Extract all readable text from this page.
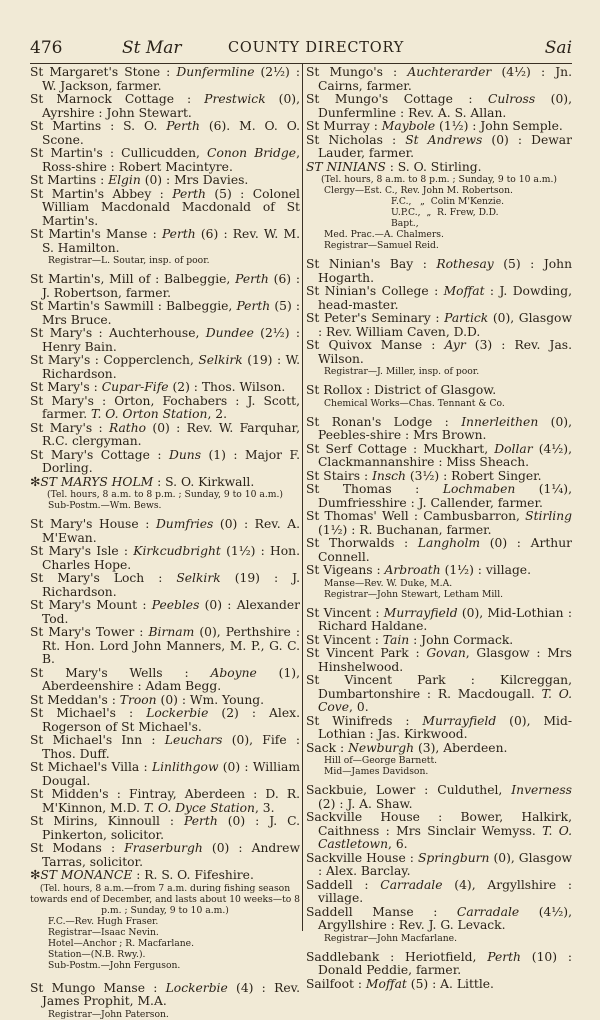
476	St Mar	COUNTY DIRECTORY	Sai

St Margaret's Stone : Dunfermline (2½) : W. Jackson, farmer.

St Marnock Cottage : Prestwick (0), Ayrshire : John Stewart.

St Martins : S. O. Perth (6). M. O. O. Scone.

St Martin's : Cullicudden, Conon Bridge, Ross-shire : Robert Macintyre.

St Martins : Elgin (0) : Mrs Davies.

St Martin's Abbey : Perth (5) : Colonel William Macdonald Macdonald of St Martin's.

St Martin's Manse : Perth (6) : Rev. W. M. S. Hamilton.

Registrar—L. Soutar, insp. of poor.

St Martin's, Mill of : Balbeggie, Perth (6) : J. Robertson, farmer.

St Martin's Sawmill : Balbeggie, Perth (5) : Mrs Bruce.

St Mary's : Auchterhouse, Dundee (2½) : Henry Bain.

St Mary's : Copperclench, Selkirk (19) : W. Richardson.

St Mary's : Cupar-Fife (2) : Thos. Wilson.

St Mary's : Orton, Fochabers : J. Scott, farmer. T. O. Orton Station, 2.

St Mary's : Ratho (0) : Rev. W. Farquhar, R.C. clergyman.

St Mary's Cottage : Duns (1) : Major F. Dorling.

✻ST MARYS HOLM : S. O. Kirkwall.

(Tel. hours, 8 a.m. to 8 p.m. ; Sunday, 9 to 10 a.m.)

Sub-Postm.—Wm. Bews.

St Mary's House : Dumfries (0) : Rev. A. M'Ewan.

St Mary's Isle : Kirkcudbright (1½) : Hon. Charles Hope.

St Mary's Loch : Selkirk (19) : J. Richardson.

St Mary's Mount : Peebles (0) : Alexander Tod.

St Mary's Tower : Birnam (0), Perthshire : Rt. Hon. Lord John Manners, M. P., G. C. B.

St Mary's Wells : Aboyne (1), Aberdeenshire : Adam Begg.

St Meddan's : Troon (0) : Wm. Young.

St Michael's : Lockerbie (2) : Alex. Rogerson of St Michael's.

St Michael's Inn : Leuchars (0), Fife : Thos. Duff.

St Michael's Villa : Linlithgow (0) : William Dougal.

St Midden's : Fintray, Aberdeen : D. R. M'Kinnon, M.D. T. O. Dyce Station, 3.

St Mirins, Kinnoull : Perth (0) : J. C. Pinkerton, solicitor.

St Modans : Fraserburgh (0) : Andrew Tarras, solicitor.

✻ST MONANCE : R. S. O. Fifeshire.

(Tel. hours, 8 a.m.—from 7 a.m. during fishing season towards end of December, and lasts about 10 weeks—to 8 p.m. ; Sunday, 9 to 10 a.m.)

F.C.—Rev. Hugh Fraser.

Registrar—Isaac Nevin.

Hotel—Anchor ; R. Macfarlane.

Station—(N.B. Rwy.).

Sub-Postm.—John Ferguson.

St Mungo Manse : Lockerbie (4) : Rev. James Prophit, M.A.

Registrar—John Paterson.

St Mungo's : Auchterarder (4½) : Jn. Cairns, farmer.

St Mungo's Cottage : Culross (0), Dunfermline : Rev. A. S. Allan.

St Murray : Maybole (1½) : John Semple.

St Nicholas : St Andrews (0) : Dewar Lauder, farmer.

ST NINIANS : S. O. Stirling.

(Tel. hours, 8 a.m. to 8 p.m. ; Sunday, 9 to 10 a.m.)

Clergy—Est. C., Rev. John M. Robertson.

F.C.,   „  Colin M'Kenzie.

U.P.C.,  „  R. Frew, D.D.

Bapt.,

Med. Prac.—A. Chalmers.

Registrar—Samuel Reid.

St Ninian's Bay : Rothesay (5) : John Hogarth.

St Ninian's College : Moffat : J. Dowding, head-master.

St Peter's Seminary : Partick (0), Glasgow : Rev. William Caven, D.D.

St Quivox Manse : Ayr (3) : Rev. Jas. Wilson.

Registrar—J. Miller, insp. of poor.

St Rollox : District of Glasgow.

Chemical Works—Chas. Tennant & Co.

St Ronan's Lodge : Innerleithen (0), Peebles-shire : Mrs Brown.

St Serf Cottage : Muckhart, Dollar (4½), Clackmannanshire : Miss Sheach.

St Stairs : Insch (3½) : Robert Singer.

St Thomas : Lochmaben (1¼), Dumfriesshire : J. Callender, farmer.

St Thomas' Well : Cambusbarron, Stirling (1½) : R. Buchanan, farmer.

St Thorwalds : Langholm (0) : Arthur Connell.

St Vigeans : Arbroath (1½) : village.

Manse—Rev. W. Duke, M.A.

Registrar—John Stewart, Letham Mill.

St Vincent : Murrayfield (0), Mid-Lothian : Richard Haldane.

St Vincent : Tain : John Cormack.

St Vincent Park : Govan, Glasgow : Mrs Hinshelwood.

St Vincent Park : Kilcreggan, Dumbartonshire : R. Macdougall. T. O. Cove, 0.

St Winifreds : Murrayfield (0), Mid-Lothian : Jas. Kirkwood.

Sack : Newburgh (3), Aberdeen.

Hill of—George Barnett.

Mid—James Davidson.

Sackbuie, Lower : Culduthel, Inverness (2) : J. A. Shaw.

Sackville House : Bower, Halkirk, Caithness : Mrs Sinclair Wemyss. T. O. Castletown, 6.

Sackville House : Springburn (0), Glasgow : Alex. Barclay.

Saddell : Carradale (4), Argyllshire : village.

Saddell Manse : Carradale (4½), Argyllshire : Rev. J. G. Levack.

Registrar—John Macfarlane.

Saddlebank : Heriotfield, Perth (10) : Donald Peddie, farmer.

Sailfoot : Moffat (5) : A. Little.
